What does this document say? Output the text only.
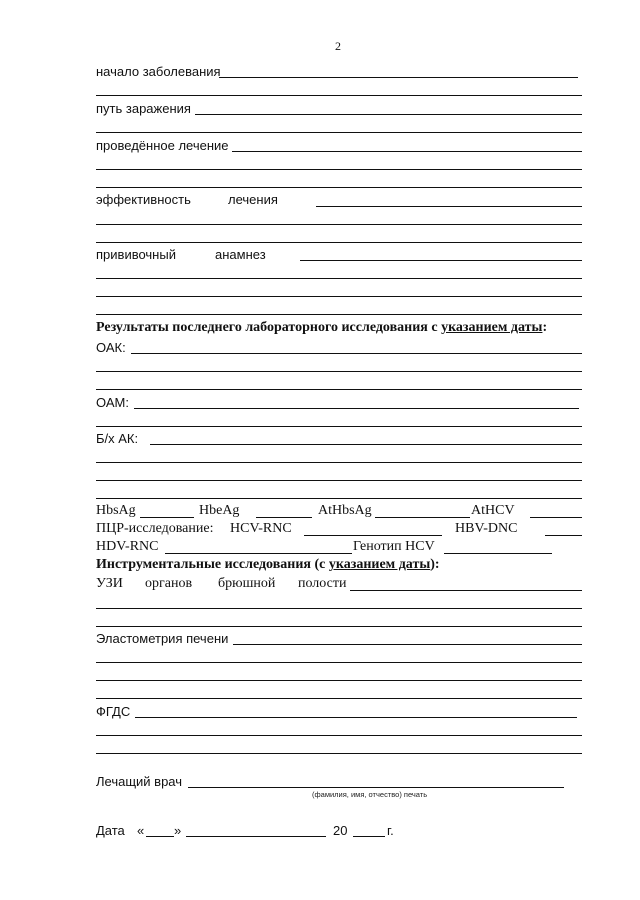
2
начало заболевания
путь заражения
проведённое лечение
эффективность	лечения
прививочный	анамнез
Результаты последнего лабораторного исследования с указанием даты:
ОАК:
ОАМ:
Б/х АК:
HbsAg	HbeAg	AtHbsAg	AtHCV
ПЦР-исследование: HCV-RNC	HBV-DNC
HDV-RNC	Генотип HCV
Инструментальные исследования (с указанием даты):
УЗИ органов брюшной полости
Эластометрия печени
ФГДС
Лечащий врач
(фамилия, имя, отчество) печать
Дата « »	20	г.
